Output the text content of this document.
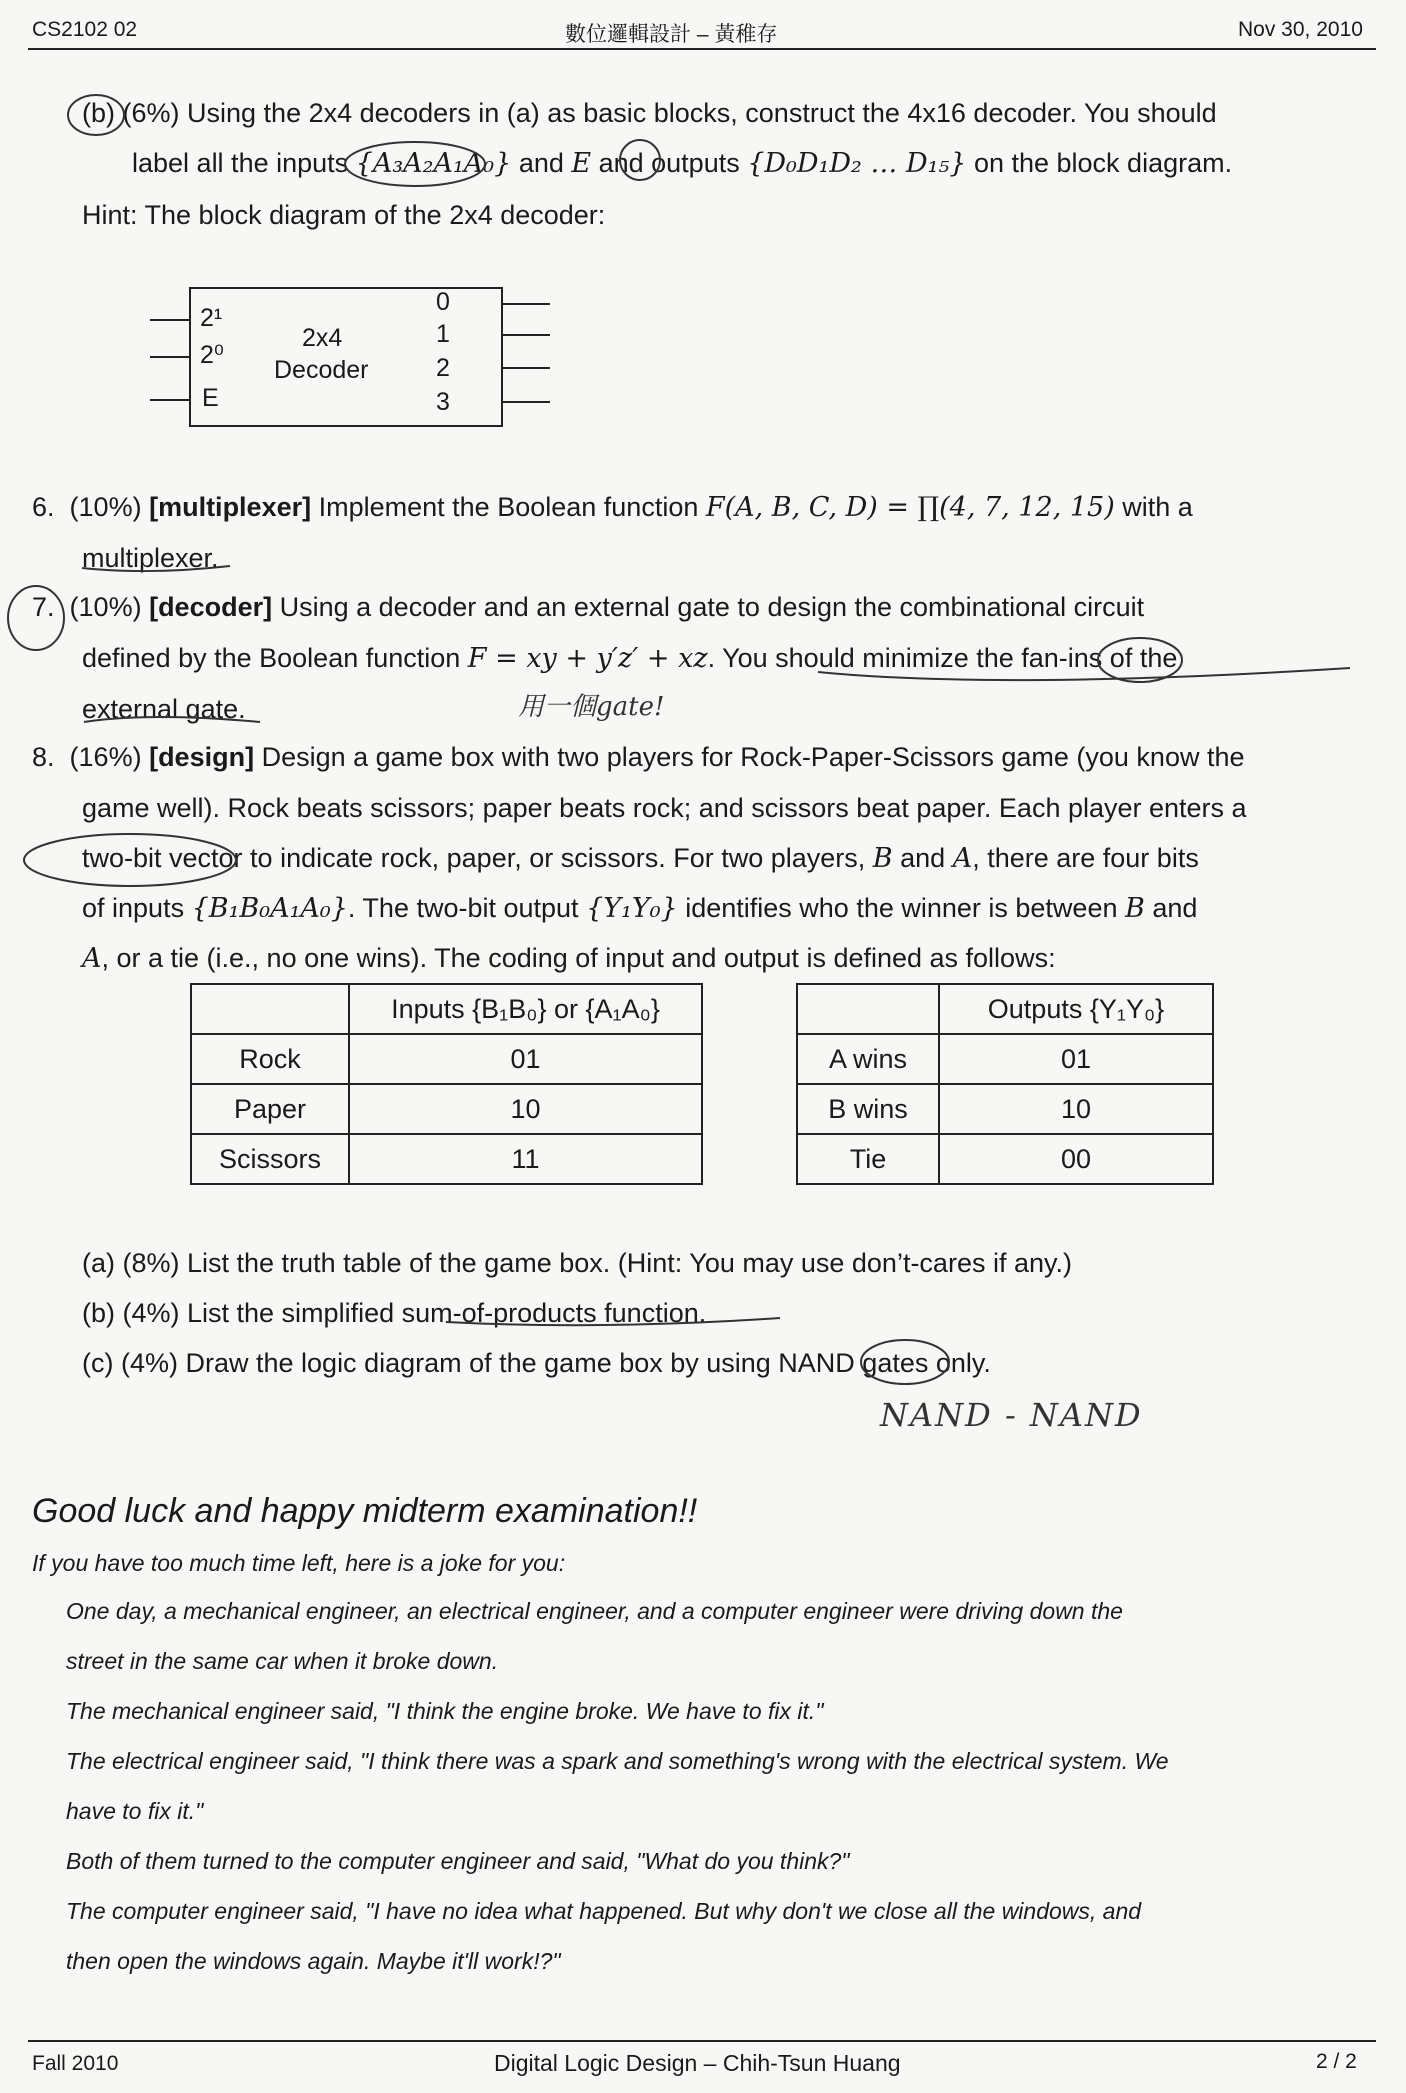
CS2102 02	數位邏輯設計 – 黃稚存	Nov 30, 2010
(b) (6%) Using the 2x4 decoders in (a) as basic blocks, construct the 4x16 decoder. You should
label all the inputs {A₃A₂A₁A₀} and E and outputs {D₀D₁D₂ … D₁₅} on the block diagram.
Hint: The block diagram of the 2x4 decoder:
2¹
2⁰
E
2x4
Decoder
0
1
2
3
6. (10%) [multiplexer] Implement the Boolean function F(A, B, C, D) = ∏(4, 7, 12, 15) with a
multiplexer.
7. (10%) [decoder] Using a decoder and an external gate to design the combinational circuit
defined by the Boolean function F = xy + y′z′ + xz. You should minimize the fan-ins of the
external gate.	用一個gate!
8. (16%) [design] Design a game box with two players for Rock-Paper-Scissors game (you know the
game well). Rock beats scissors; paper beats rock; and scissors beat paper. Each player enters a
two-bit vector to indicate rock, paper, or scissors. For two players, B and A, there are four bits
of inputs {B₁B₀A₁A₀}. The two-bit output {Y₁Y₀} identifies who the winner is between B and
A, or a tie (i.e., no one wins). The coding of input and output is defined as follows:
	Inputs {B₁B₀} or {A₁A₀}
Rock	01
Paper	10
Scissors	11
	Outputs {Y₁Y₀}
A wins	01
B wins	10
Tie	00
(a) (8%) List the truth table of the game box. (Hint: You may use don’t-cares if any.)
(b) (4%) List the simplified sum-of-products function.
(c) (4%) Draw the logic diagram of the game box by using NAND gates only.
NAND - NAND
Good luck and happy midterm examination!!
If you have too much time left, here is a joke for you:
One day, a mechanical engineer, an electrical engineer, and a computer engineer were driving down the
street in the same car when it broke down.
The mechanical engineer said, "I think the engine broke. We have to fix it."
The electrical engineer said, "I think there was a spark and something's wrong with the electrical system. We
have to fix it."
Both of them turned to the computer engineer and said, "What do you think?"
The computer engineer said, "I have no idea what happened. But why don't we close all the windows, and
then open the windows again. Maybe it'll work!?"
Fall 2010	Digital Logic Design – Chih-Tsun Huang	2 / 2
